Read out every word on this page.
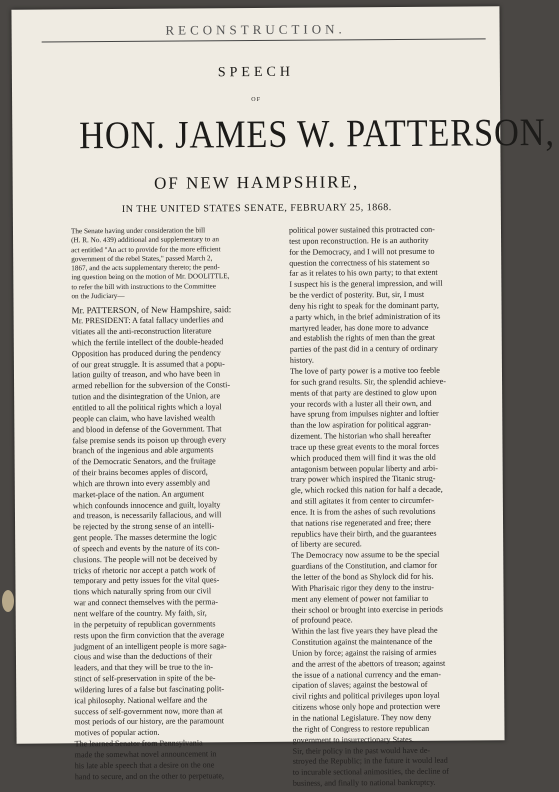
RECONSTRUCTION.
SPEECH
OF
HON. JAMES W. PATTERSON,
OF NEW HAMPSHIRE,
IN THE UNITED STATES SENATE, FEBRUARY 25, 1868.
The Senate having under consideration the bill
(H. R. No. 439) additional and supplementary to an
act entitled "An act to provide for the more efficient
government of the rebel States," passed March 2,
1867, and the acts supplementary thereto; the pend-
ing question being on the motion of Mr. DOOLITTLE,
to refer the bill with instructions to the Committee
on the Judiciary—
Mr. PATTERSON, of New Hampshire, said:
Mr. PRESIDENT: A fatal fallacy underlies and
vitiates all the anti-reconstruction literature
which the fertile intellect of the double-headed
Opposition has produced during the pendency
of our great struggle. It is assumed that a popu-
lation guilty of treason, and who have been in
armed rebellion for the subversion of the Consti-
tution and the disintegration of the Union, are
entitled to all the political rights which a loyal
people can claim, who have lavished wealth
and blood in defense of the Government. That
false premise sends its poison up through every
branch of the ingenious and able arguments
of the Democratic Senators, and the fruitage
of their brains becomes apples of discord,
which are thrown into every assembly and
market-place of the nation. An argument
which confounds innocence and guilt, loyalty
and treason, is necessarily fallacious, and will
be rejected by the strong sense of an intelli-
gent people. The masses determine the logic
of speech and events by the nature of its con-
clusions. The people will not be deceived by
tricks of rhetoric nor accept a patch work of
temporary and petty issues for the vital ques-
tions which naturally spring from our civil
war and connect themselves with the perma-
nent welfare of the country. My faith, sir,
in the perpetuity of republican governments
rests upon the firm conviction that the average
judgment of an intelligent people is more saga-
cious and wise than the deductions of their
leaders, and that they will be true to the in-
stinct of self-preservation in spite of the be-
wildering lures of a false but fascinating polit-
ical philosophy. National welfare and the
success of self-government now, more than at
most periods of our history, are the paramount
motives of popular action.
The learned Senator from Pennsylvania
made the somewhat novel announcement in
his late able speech that a desire on the one
hand to secure, and on the other to perpetuate,
political power sustained this protracted con-
test upon reconstruction. He is an authority
for the Democracy, and I will not presume to
question the correctness of his statement so
far as it relates to his own party; to that extent
I suspect his is the general impression, and will
be the verdict of posterity. But, sir, I must
deny his right to speak for the dominant party,
a party which, in the brief administration of its
martyred leader, has done more to advance
and establish the rights of men than the great
parties of the past did in a century of ordinary
history.
The love of party power is a motive too feeble
for such grand results. Sir, the splendid achieve-
ments of that party are destined to glow upon
your records with a luster all their own, and
have sprung from impulses nighter and loftier
than the low aspiration for political aggran-
dizement. The historian who shall hereafter
trace up these great events to the moral forces
which produced them will find it was the old
antagonism between popular liberty and arbi-
trary power which inspired the Titanic strug-
gle, which rocked this nation for half a decade,
and still agitates it from center to circumfer-
ence. It is from the ashes of such revolutions
that nations rise regenerated and free; there
republics have their birth, and the guarantees
of liberty are secured.
The Democracy now assume to be the special
guardians of the Constitution, and clamor for
the letter of the bond as Shylock did for his.
With Pharisaic rigor they deny to the instru-
ment any element of power not familiar to
their school or brought into exercise in periods
of profound peace.
Within the last five years they have plead the
Constitution against the maintenance of the
Union by force; against the raising of armies
and the arrest of the abettors of treason; against
the issue of a national currency and the eman-
cipation of slaves; against the bestowal of
civil rights and political privileges upon loyal
citizens whose only hope and protection were
in the national Legislature. They now deny
the right of Congress to restore republican
government to insurrectionary States.
Sir, their policy in the past would have de-
stroyed the Republic; in the future it would lead
to incurable sectional animosities, the decline of
business, and finally to national bankruptcy.
